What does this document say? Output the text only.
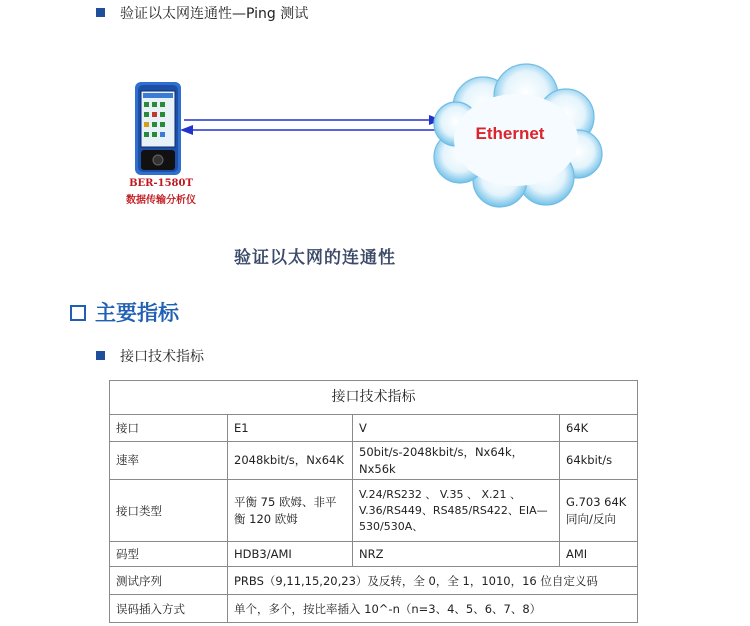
验证以太网连通性—Ping 测试
BER-1580T
数据传输分析仪
Ethernet
验证以太网的连通性
主要指标
接口技术指标
接口技术指标			
接口	E1	V	64K
速率	2048kbit/s，Nx64K	50bit/s-2048kbit/s，Nx64k，Nx56k	64kbit/s
接口类型	平衡 75 欧姆、非平衡 120 欧姆	V.24/RS232 、 V.35 、 X.21 、V.36/RS449、RS485/RS422、EIA—530/530A、	G.703 64K 同向/反向
码型	HDB3/AMI	NRZ	AMI
测试序列	PRBS（9,11,15,20,23）及反转，全 0，全 1，1010，16 位自定义码		
误码插入方式	单个，多个，按比率插入 10^-n（n=3、4、5、6、7、8）		
